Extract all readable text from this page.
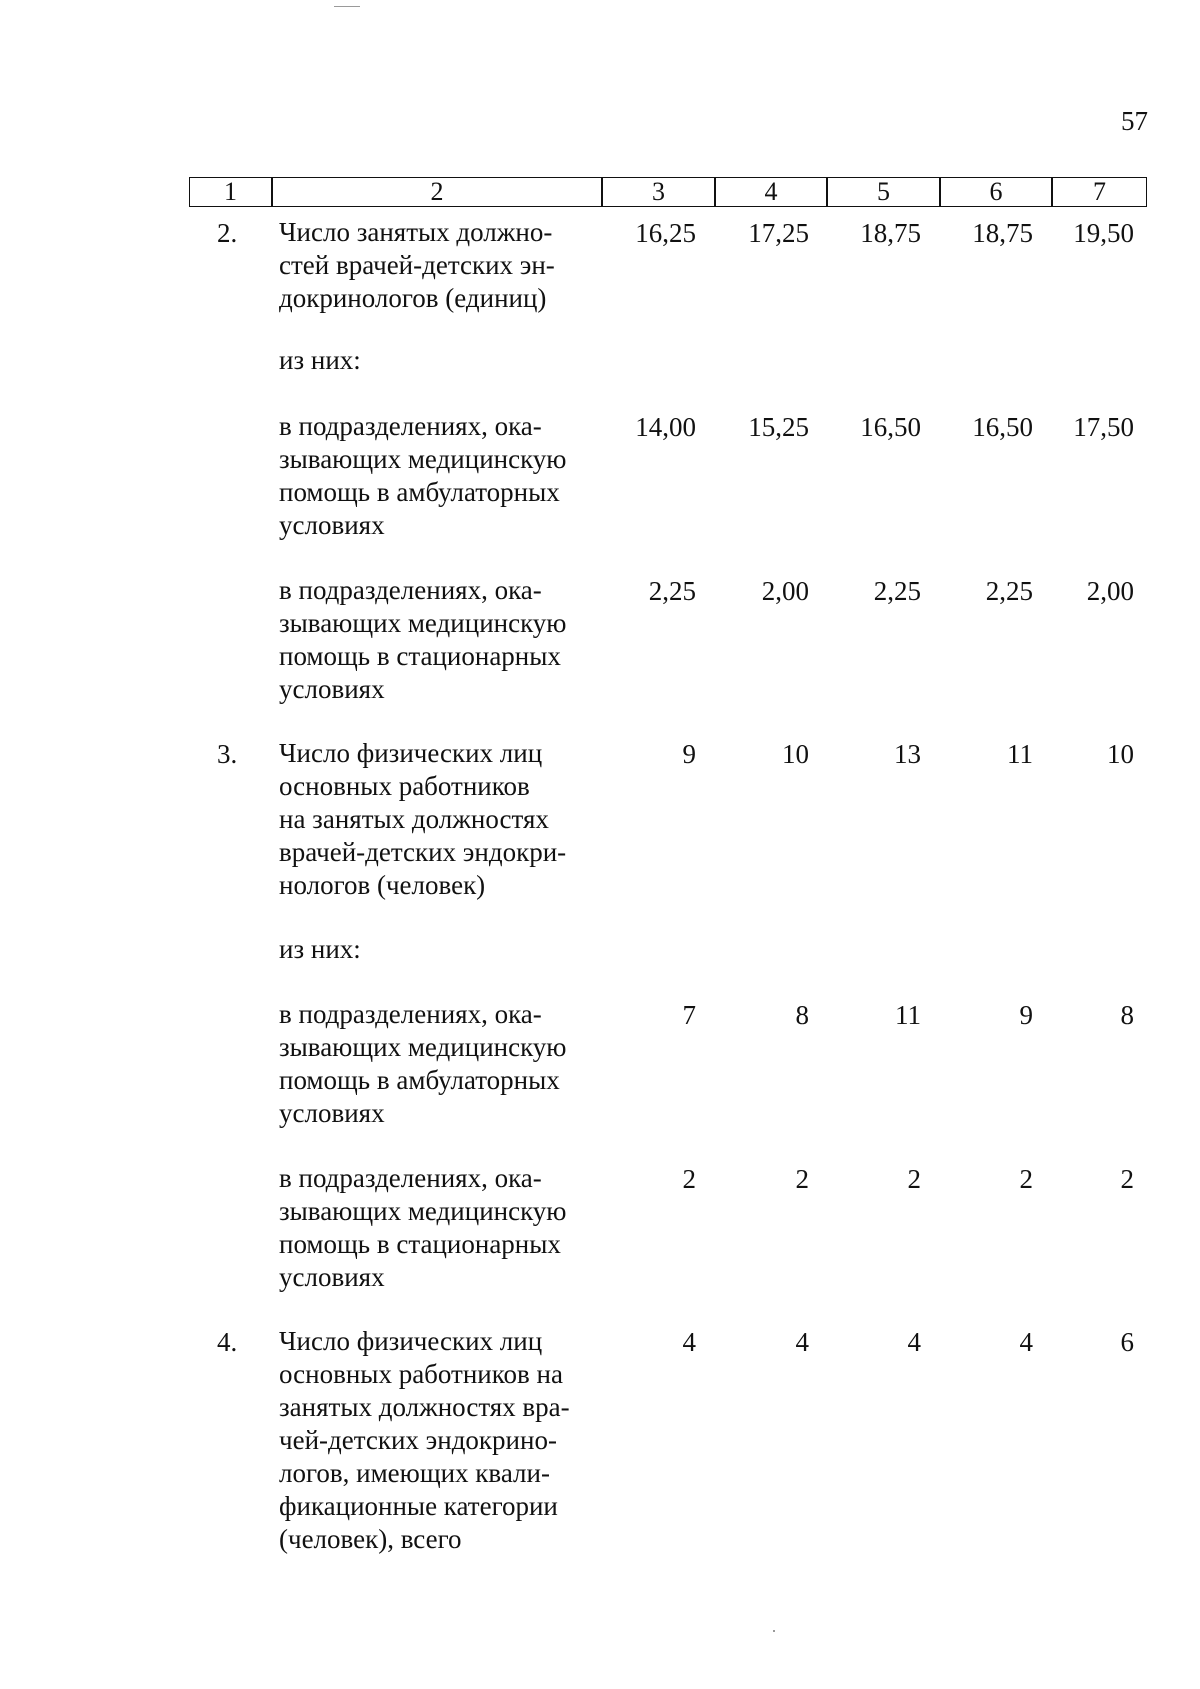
57
1	2	3	4	5	6	7
2. Число занятых должно-
стей врачей-детских эн-
докринологов (единиц)
16,25	17,25	18,75	18,75	19,50
из них:
в подразделениях, ока-
зывающих медицинскую
помощь в амбулаторных
условиях
14,00	15,25	16,50	16,50	17,50
в подразделениях, ока-
зывающих медицинскую
помощь в стационарных
условиях
2,25	2,00	2,25	2,25	2,00
3. Число физических лиц
основных работников
на занятых должностях
врачей-детских эндокри-
нологов (человек)
9	10	13	11	10
из них:
в подразделениях, ока-
зывающих медицинскую
помощь в амбулаторных
условиях
7	8	11	9	8
в подразделениях, ока-
зывающих медицинскую
помощь в стационарных
условиях
2	2	2	2	2
4. Число физических лиц
основных работников на
занятых должностях вра-
чей-детских эндокрино-
логов, имеющих квали-
фикационные категории
(человек), всего
4	4	4	4	6
